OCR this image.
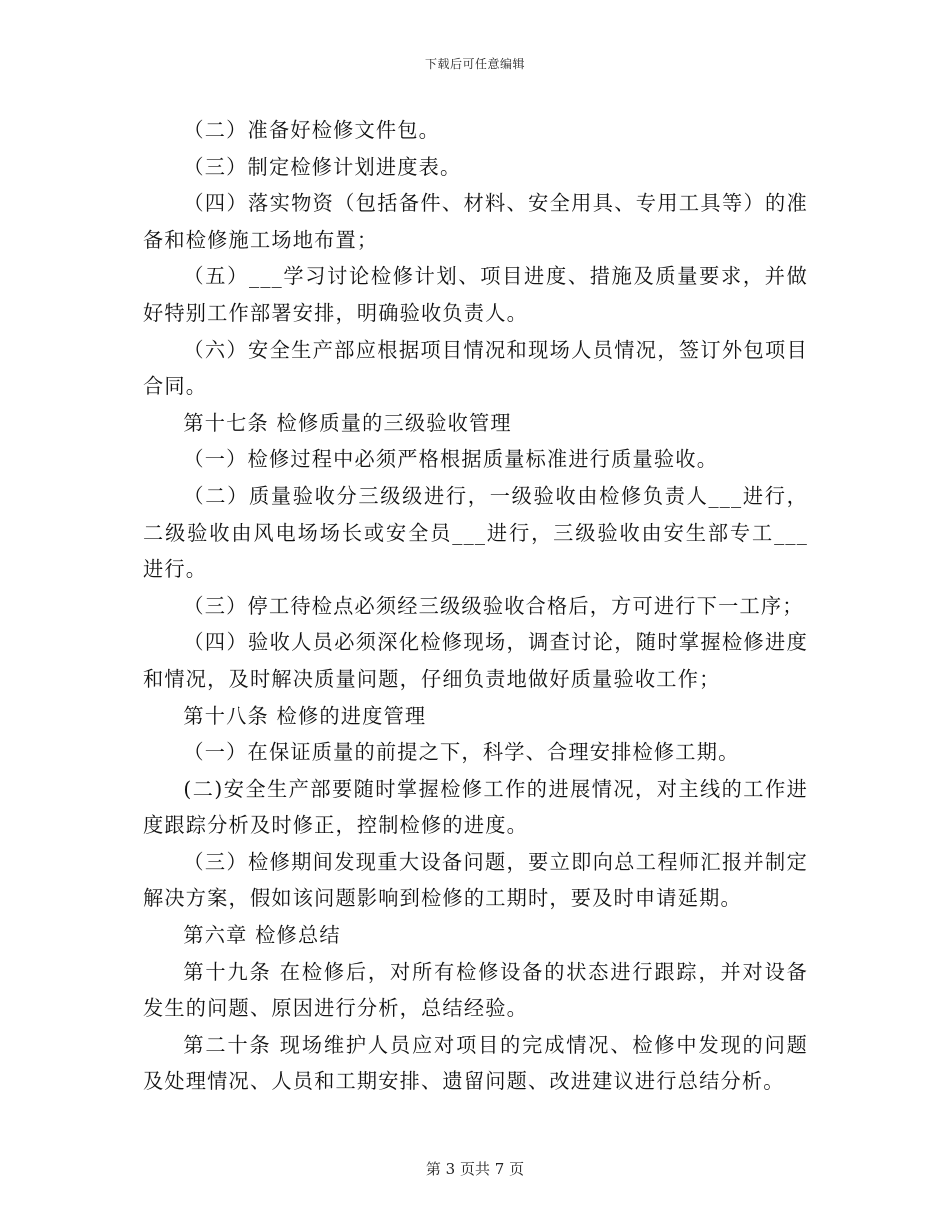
下载后可任意编辑

（二）准备好检修文件包。

（三）制定检修计划进度表。

（四）落实物资（包括备件、材料、安全用具、专用工具等）的准备和检修施工场地布置；

（五）___学习讨论检修计划、项目进度、措施及质量要求，并做好特别工作部署安排，明确验收负责人。

（六）安全生产部应根据项目情况和现场人员情况，签订外包项目合同。

第十七条 检修质量的三级验收管理

（一）检修过程中必须严格根据质量标准进行质量验收。

（二）质量验收分三级级进行，一级验收由检修负责人___进行，二级验收由风电场场长或安全员___进行，三级验收由安生部专工___进行。

（三）停工待检点必须经三级级验收合格后，方可进行下一工序；

（四）验收人员必须深化检修现场，调查讨论，随时掌握检修进度和情况，及时解决质量问题，仔细负责地做好质量验收工作；

第十八条 检修的进度管理

（一）在保证质量的前提之下，科学、合理安排检修工期。

(二)安全生产部要随时掌握检修工作的进展情况，对主线的工作进度跟踪分析及时修正，控制检修的进度。

（三）检修期间发现重大设备问题，要立即向总工程师汇报并制定解决方案，假如该问题影响到检修的工期时，要及时申请延期。

第六章 检修总结

第十九条 在检修后，对所有检修设备的状态进行跟踪，并对设备发生的问题、原因进行分析，总结经验。

第二十条 现场维护人员应对项目的完成情况、检修中发现的问题及处理情况、人员和工期安排、遗留问题、改进建议进行总结分析。

第 3 页共 7 页
